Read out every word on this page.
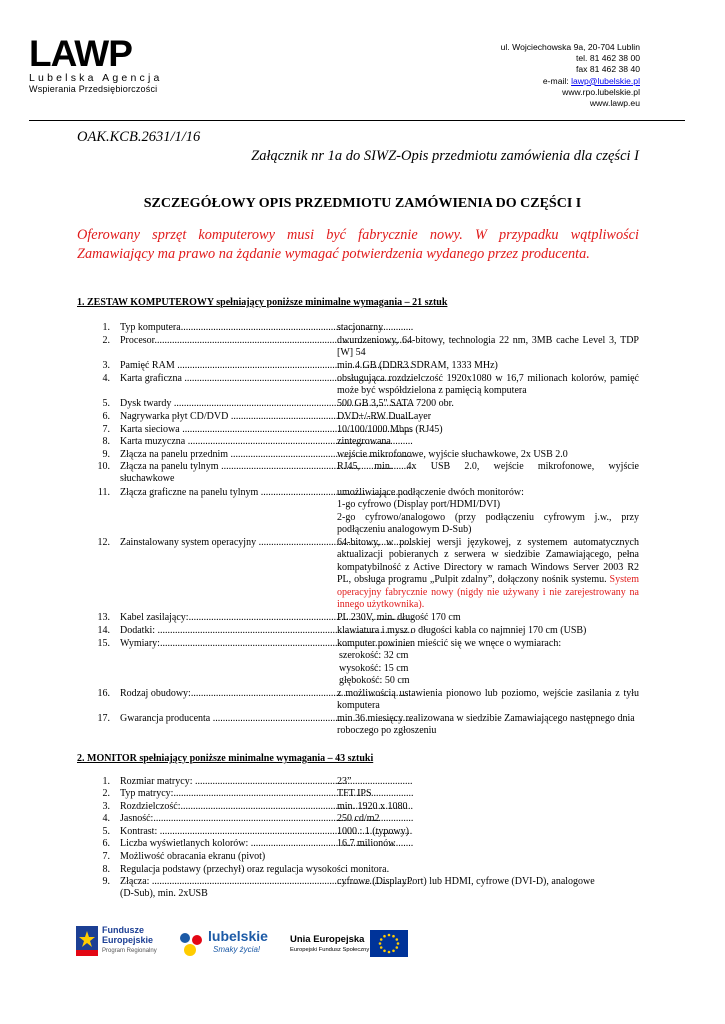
LAWP
Lubelska Agencja
Wspierania Przedsiębiorczości
ul. Wojciechowska 9a, 20-704 Lublin
tel. 81 462 38 00
fax 81 462 38 40
e-mail: lawp@lubelskie.pl
www.rpo.lubelskie.pl
www.lawp.eu
OAK.KCB.2631/1/16
Załącznik nr 1a do SIWZ-Opis przedmiotu zamówienia dla części I
SZCZEGÓŁOWY OPIS PRZEDMIOTU ZAMÓWIENIA DO CZĘŚCI I
Oferowany sprzęt komputerowy musi być fabrycznie nowy. W przypadku wątpliwości Zamawiający ma prawo na żądanie wymagać potwierdzenia wydanego przez producenta.
1. ZESTAW KOMPUTEROWY spełniający poniższe minimalne wymagania – 21 sztuk
1. Typ komputera .....	stacjonarny
2. Procesor .....	dwurdzeniowy, 64-bitowy, technologia 22 nm, 3MB cache Level 3, TDP [W] 54
3. Pamięć RAM .....	min 4 GB (DDR3 SDRAM, 1333 MHz)
4. Karta graficzna .....	obsługująca rozdzielczość 1920x1080 w 16,7 milionach kolorów, pamięć może być współdzielona z pamięcią komputera
5. Dysk twardy .....	500 GB 3,5" SATA 7200 obr.
6. Nagrywarka płyt CD/DVD .....	DVD+/-RW DualLayer
7. Karta sieciowa .....	10/100/1000 Mbps (RJ45)
8. Karta muzyczna .....	zintegrowana
9. Złącza na panelu przednim .....	wejście mikrofonowe, wyjście słuchawkowe, 2x USB 2.0
10. Złącza na panelu tylnym .....	RJ45, min. 4x USB 2.0, wejście mikrofonowe, wyjście
słuchawkowe
11. Złącza graficzne na panelu tylnym .....	umożliwiające podłączenie dwóch monitorów:
1-go cyfrowo (Display port/HDMI/DVI)
2-go cyfrowo/analogowo (przy podłączeniu cyfrowym j.w., przy podłączeniu analogowym D-Sub)
12. Zainstalowany system operacyjny .....	64-bitowy, w polskiej wersji językowej, z systemem automatycznych aktualizacji pobieranych z serwera w siedzibie Zamawiającego, pełna kompatybilność z Active Directory w ramach Windows Server 2003 R2 PL, obsługa programu „Pulpit zdalny”, dołączony nośnik systemu. System operacyjny fabrycznie nowy (nigdy nie używany i nie zarejestrowany na innego użytkownika).
13. Kabel zasilający: .....	PL 230V, min. długość 170 cm
14. Dodatki: .....	klawiatura i mysz o długości kabla co najmniej 170 cm (USB)
15. Wymiary: .....	komputer powinien mieścić się we wnęce o wymiarach:
szerokość: 32 cm
wysokość: 15 cm
głębokość: 50 cm
16. Rodzaj obudowy: .....	z możliwością ustawienia pionowo lub poziomo, wejście zasilania z tyłu komputera
17. Gwarancja producenta .....	min 36 miesięcy realizowana w siedzibie Zamawiającego następnego dnia roboczego po zgłoszeniu
2. MONITOR spełniający poniższe minimalne wymagania – 43 sztuki
1. Rozmiar matrycy: .....	23”
2. Typ matrycy: .....	TFT IPS
3. Rozdzielczość: .....	min. 1920 x 1080
4. Jasność: .....	250 cd/m2
5. Kontrast: .....	1000 : 1 (typowy)
6. Liczba wyświetlanych kolorów: .....	16.7 milionów
7. Możliwość obracania ekranu (pivot)
8. Regulacja podstawy (przechył) oraz regulacja wysokości monitora.
9. Złącza: .....	cyfrowe (DisplayPort) lub HDMI, cyfrowe (DVI-D), analogowe
(D-Sub), min. 2xUSB
Fundusze
Europejskie
Program Regionalny
lubelskie
Smaky życia!
Unia Europejska
Europejski Fundusz Społeczny
